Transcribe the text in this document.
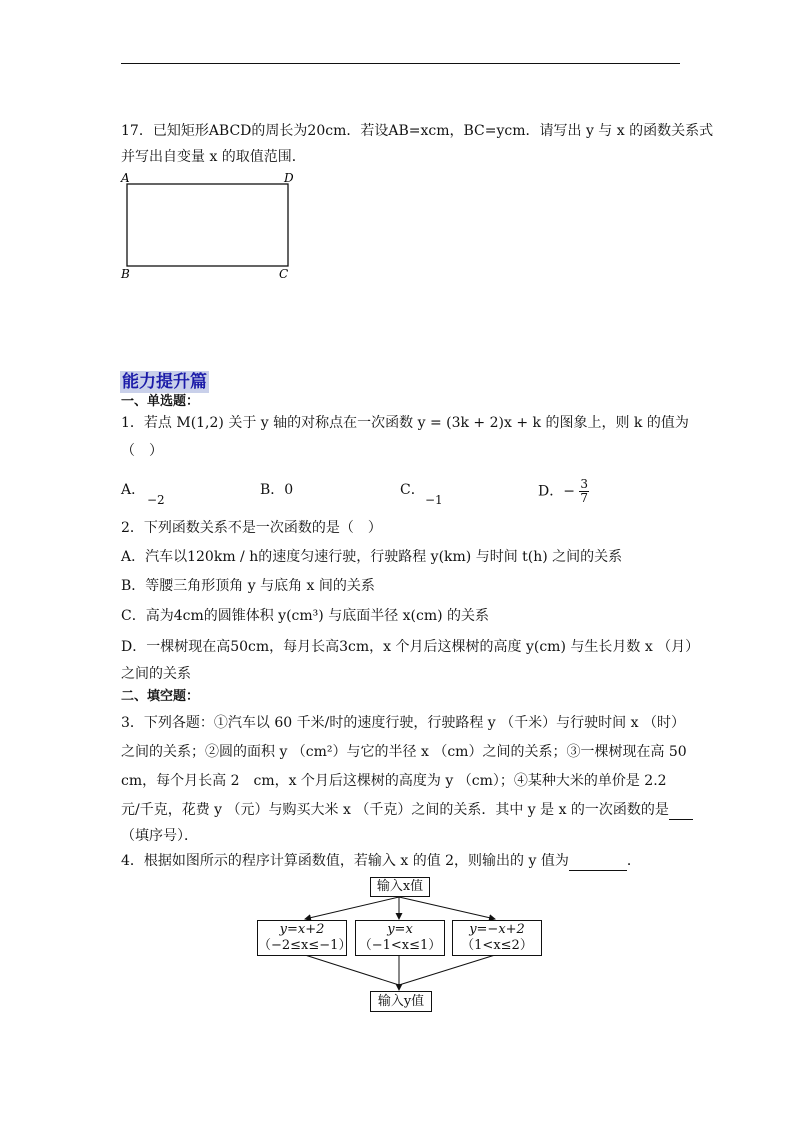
17．已知矩形ABCD的周长为20cm．若设AB=xcm，BC=ycm．请写出 y 与 x 的函数关系式
并写出自变量 x 的取值范围．
A	D
B	C
能力提升篇
一、单选题：
1．若点 M(1,2) 关于 y 轴的对称点在一次函数 y = (3k + 2)x + k 的图象上，则 k 的值为
（　）
A．
−2
B．0	C．
−1
D．− $\frac{3}{7}$
2．下列函数关系不是一次函数的是（　）
A．汽车以120km / h的速度匀速行驶，行驶路程 y(km) 与时间 t(h) 之间的关系
B．等腰三角形顶角 y 与底角 x 间的关系
C．高为4cm的圆锥体积 y(cm³) 与底面半径 x(cm) 的关系
D．一棵树现在高50cm，每月长高3cm，x 个月后这棵树的高度 y(cm) 与生长月数 x （月）
之间的关系
二、填空题：
3．下列各题：①汽车以 60 千米/时的速度行驶，行驶路程 y （千米）与行驶时间 x （时）
之间的关系；②圆的面积 y （cm²）与它的半径 x （cm）之间的关系；③一棵树现在高 50
cm，每个月长高 2　cm，x 个月后这棵树的高度为 y （cm）；④某种大米的单价是 2.2
元/千克，花费 y （元）与购买大米 x （千克）之间的关系．其中 y 是 x 的一次函数的是
（填序号）．
4．根据如图所示的程序计算函数值，若输入 x 的值 2，则输出的 y 值为	．
输入x值
y=x+2
（−2≤x≤−1）
y=x
（−1<x≤1）
y=−x+2
（1<x≤2）
输入y值
